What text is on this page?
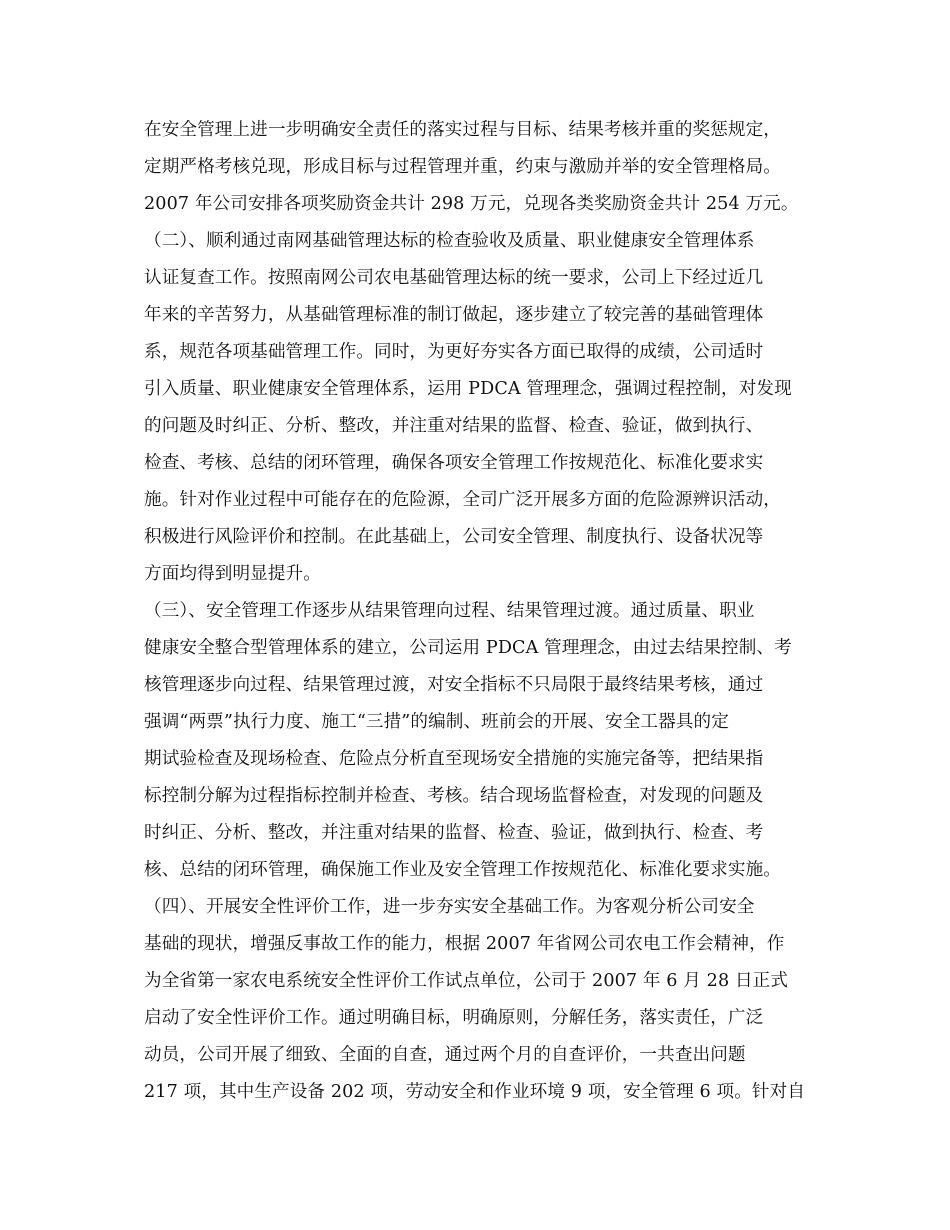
在安全管理上进一步明确安全责任的落实过程与目标、结果考核并重的奖惩规定，
定期严格考核兑现，形成目标与过程管理并重，约束与激励并举的安全管理格局。
2007 年公司安排各项奖励资金共计 298 万元，兑现各类奖励资金共计 254 万元。
（二）、顺利通过南网基础管理达标的检查验收及质量、职业健康安全管理体系
认证复查工作。按照南网公司农电基础管理达标的统一要求，公司上下经过近几
年来的辛苦努力，从基础管理标准的制订做起，逐步建立了较完善的基础管理体
系，规范各项基础管理工作。同时，为更好夯实各方面已取得的成绩，公司适时
引入质量、职业健康安全管理体系，运用 PDCA 管理理念，强调过程控制，对发现
的问题及时纠正、分析、整改，并注重对结果的监督、检查、验证，做到执行、
检查、考核、总结的闭环管理，确保各项安全管理工作按规范化、标准化要求实
施。针对作业过程中可能存在的危险源，全司广泛开展多方面的危险源辨识活动，
积极进行风险评价和控制。在此基础上，公司安全管理、制度执行、设备状况等
方面均得到明显提升。
（三）、安全管理工作逐步从结果管理向过程、结果管理过渡。通过质量、职业
健康安全整合型管理体系的建立，公司运用 PDCA 管理理念，由过去结果控制、考
核管理逐步向过程、结果管理过渡，对安全指标不只局限于最终结果考核，通过
强调“两票”执行力度、施工“三措”的编制、班前会的开展、安全工器具的定
期试验检查及现场检查、危险点分析直至现场安全措施的实施完备等，把结果指
标控制分解为过程指标控制并检查、考核。结合现场监督检查，对发现的问题及
时纠正、分析、整改，并注重对结果的监督、检查、验证，做到执行、检查、考
核、总结的闭环管理，确保施工作业及安全管理工作按规范化、标准化要求实施。
（四）、开展安全性评价工作，进一步夯实安全基础工作。为客观分析公司安全
基础的现状，增强反事故工作的能力，根据 2007 年省网公司农电工作会精神，作
为全省第一家农电系统安全性评价工作试点单位，公司于 2007 年 6 月 28 日正式
启动了安全性评价工作。通过明确目标，明确原则，分解任务，落实责任，广泛
动员，公司开展了细致、全面的自查，通过两个月的自查评价，一共查出问题
217 项，其中生产设备 202 项，劳动安全和作业环境 9 项，安全管理 6 项。针对自
